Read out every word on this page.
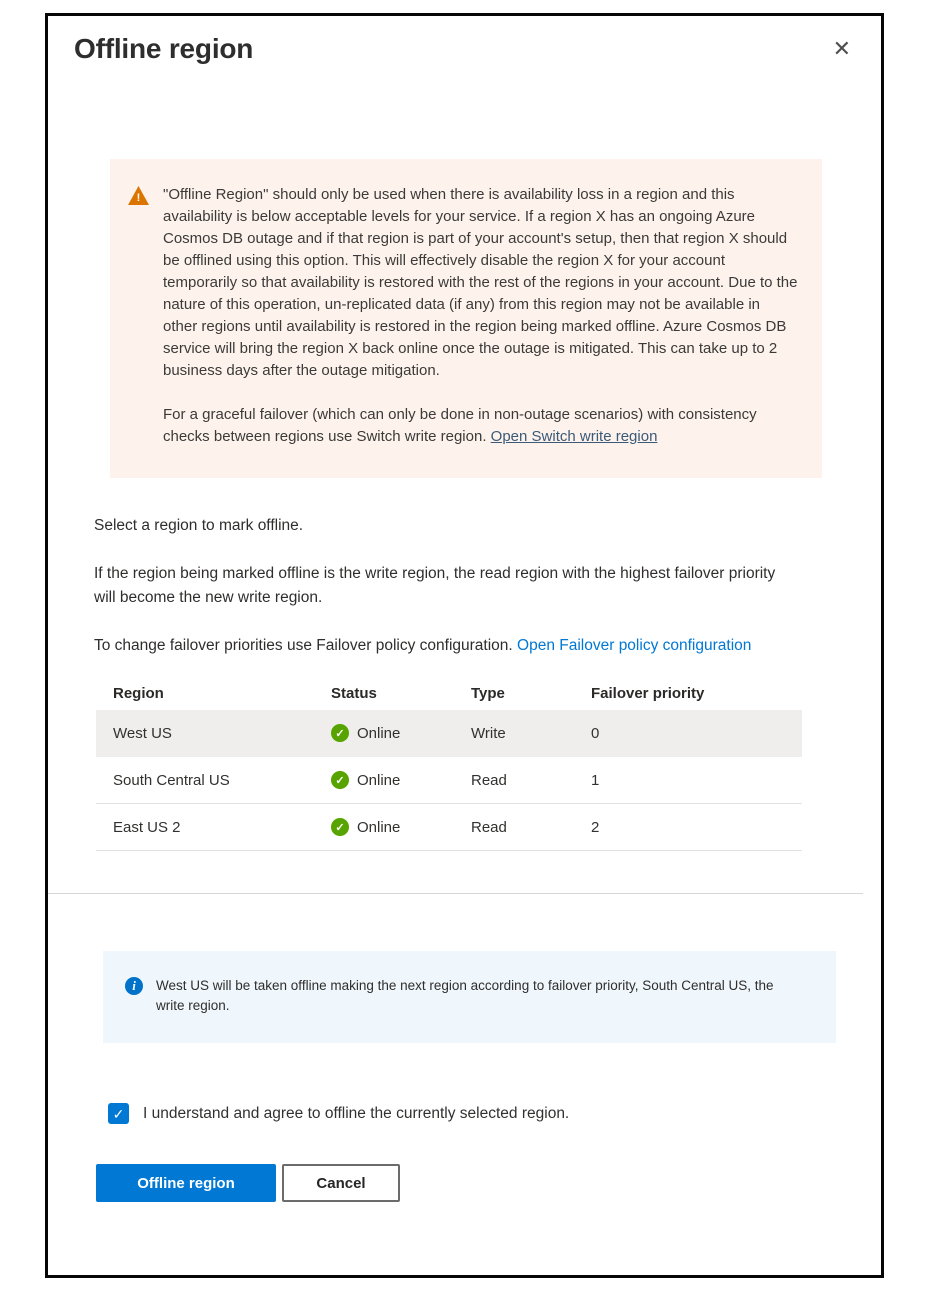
Offline region	✕
!	"Offline Region" should only be used when there is availability loss in a region and this availability is below acceptable levels for your service. If a region X has an ongoing Azure Cosmos DB outage and if that region is part of your account's setup, then that region X should be offlined using this option. This will effectively disable the region X for your account temporarily so that availability is restored with the rest of the regions in your account. Due to the nature of this operation, un-replicated data (if any) from this region may not be available in other regions until availability is restored in the region being marked offline. Azure Cosmos DB service will bring the region X back online once the outage is mitigated. This can take up to 2 business days after the outage mitigation.

For a graceful failover (which can only be done in non-outage scenarios) with consistency checks between regions use Switch write region. Open Switch write region

Select a region to mark offline.

If the region being marked offline is the write region, the read region with the highest failover priority will become the new write region.

To change failover priorities use Failover policy configuration. Open Failover policy configuration

Region	Status	Type	Failover priority
West US	✓ Online	Write	0
South Central US	✓ Online	Read	1
East US 2	✓ Online	Read	2
i	West US will be taken offline making the next region according to failover priority, South Central US, the write region.

✓ I understand and agree to offline the currently selected region.
Offline region	Cancel
